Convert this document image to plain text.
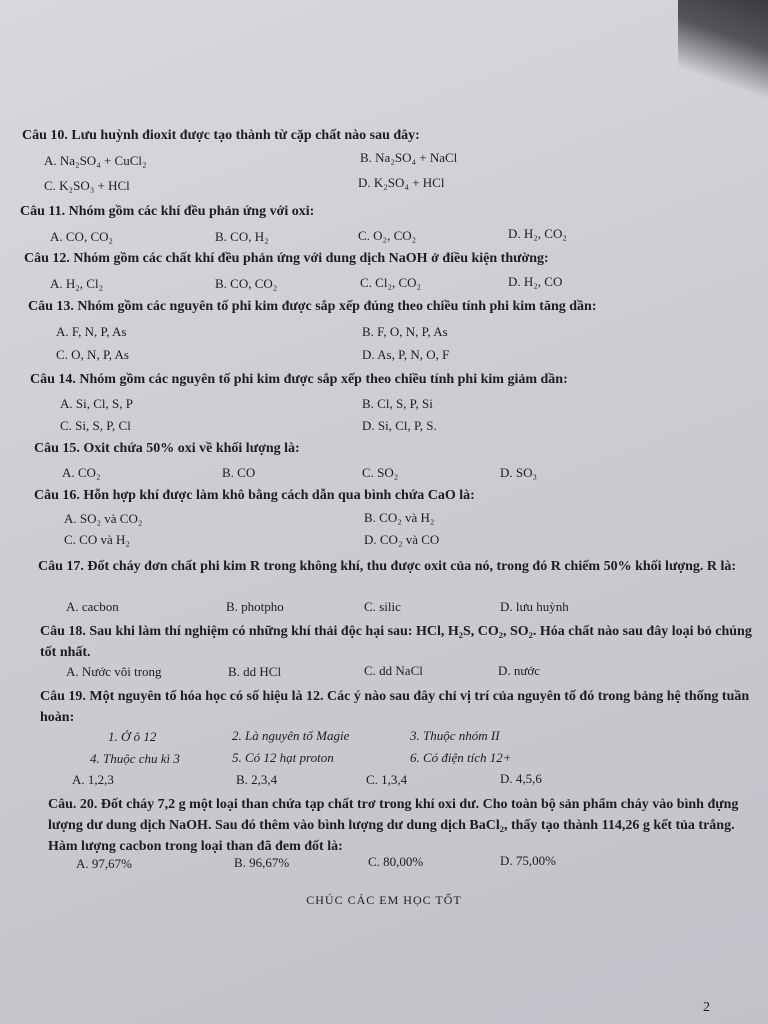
Câu 10. Lưu huỳnh đioxit được tạo thành từ cặp chất nào sau đây:
A. Na₂SO₄ + CuCl₂	B. Na₂SO₄ + NaCl
C. K₂SO₃ + HCl	D. K₂SO₄ + HCl
Câu 11. Nhóm gồm các khí đều phản ứng với oxi:
A. CO, CO₂	B. CO, H₂	C. O₂, CO₂	D. H₂, CO₂
Câu 12. Nhóm gồm các chất khí đều phản ứng với dung dịch NaOH ở điều kiện thường:
A. H₂, Cl₂	B. CO, CO₂	C. Cl₂, CO₂	D. H₂, CO
Câu 13. Nhóm gồm các nguyên tố phi kim được sắp xếp đúng theo chiều tính phi kim tăng dần:
A. F, N, P, As	B. F, O, N, P, As
C. O, N, P, As	D. As, P, N, O, F
Câu 14. Nhóm gồm các nguyên tố phi kim được sắp xếp theo chiều tính phi kim giảm dần:
A. Si, Cl, S, P	B. Cl, S, P, Si
C. Si, S, P, Cl	D. Si, Cl, P, S.
Câu 15. Oxit chứa 50% oxi về khối lượng là:
A. CO₂	B. CO	C. SO₂	D. SO₃
Câu 16. Hỗn hợp khí được làm khô bằng cách dẫn qua bình chứa CaO là:
A. SO₂ và CO₂	B. CO₂ và H₂
C. CO và H₂	D. CO₂ và CO
Câu 17. Đốt cháy đơn chất phi kim R trong không khí, thu được oxit của nó, trong đó R chiếm 50% khối lượng. R là:
A. cacbon	B. photpho	C. silic	D. lưu huỳnh
Câu 18. Sau khi làm thí nghiệm có những khí thải độc hại sau: HCl, H₂S, CO₂, SO₂. Hóa chất nào sau đây loại bỏ chúng tốt nhất.
A. Nước vôi trong	B. dd HCl	C. dd NaCl	D. nước
Câu 19. Một nguyên tố hóa học có số hiệu là 12. Các ý nào sau đây chỉ vị trí của nguyên tố đó trong bảng hệ thống tuần hoàn:
1. Ở ô 12	2. Là nguyên tố Magie	3. Thuộc nhóm II
4. Thuộc chu kì 3	5. Có 12 hạt proton	6. Có điện tích 12+
A. 1,2,3	B. 2,3,4	C. 1,3,4	D. 4,5,6
Câu. 20. Đốt cháy 7,2 g một loại than chứa tạp chất trơ trong khí oxi dư. Cho toàn bộ sản phẩm cháy vào bình đựng lượng dư dung dịch NaOH. Sau đó thêm vào bình lượng dư dung dịch BaCl₂, thấy tạo thành 114,26 g kết tủa trắng. Hàm lượng cacbon trong loại than đã đem đốt là:
A. 97,67%	B. 96,67%	C. 80,00%	D. 75,00%
CHÚC CÁC EM HỌC TỐT
2
